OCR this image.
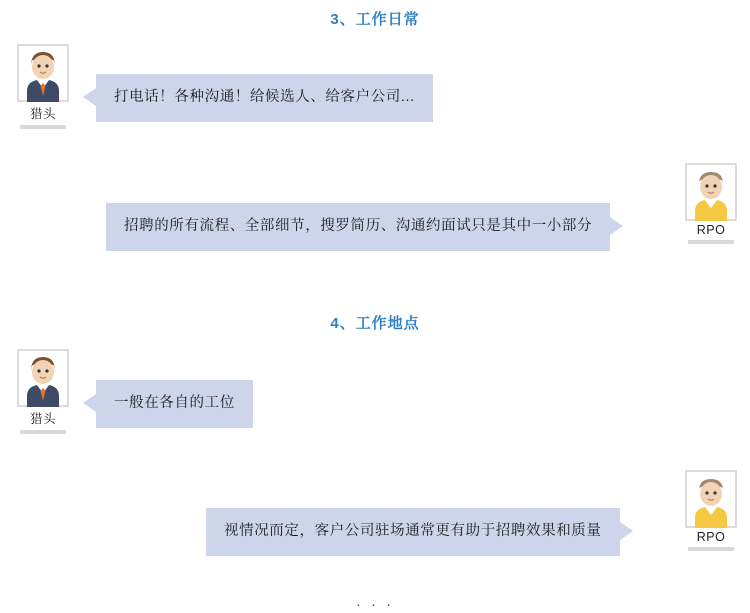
3、工作日常
猎头
打电话！各种沟通！给候选人、给客户公司...
RPO
招聘的所有流程、全部细节，搜罗简历、沟通约面试只是其中一小部分
4、工作地点
猎头
一般在各自的工位
RPO
视情况而定，客户公司驻场通常更有助于招聘效果和质量
· · ·
